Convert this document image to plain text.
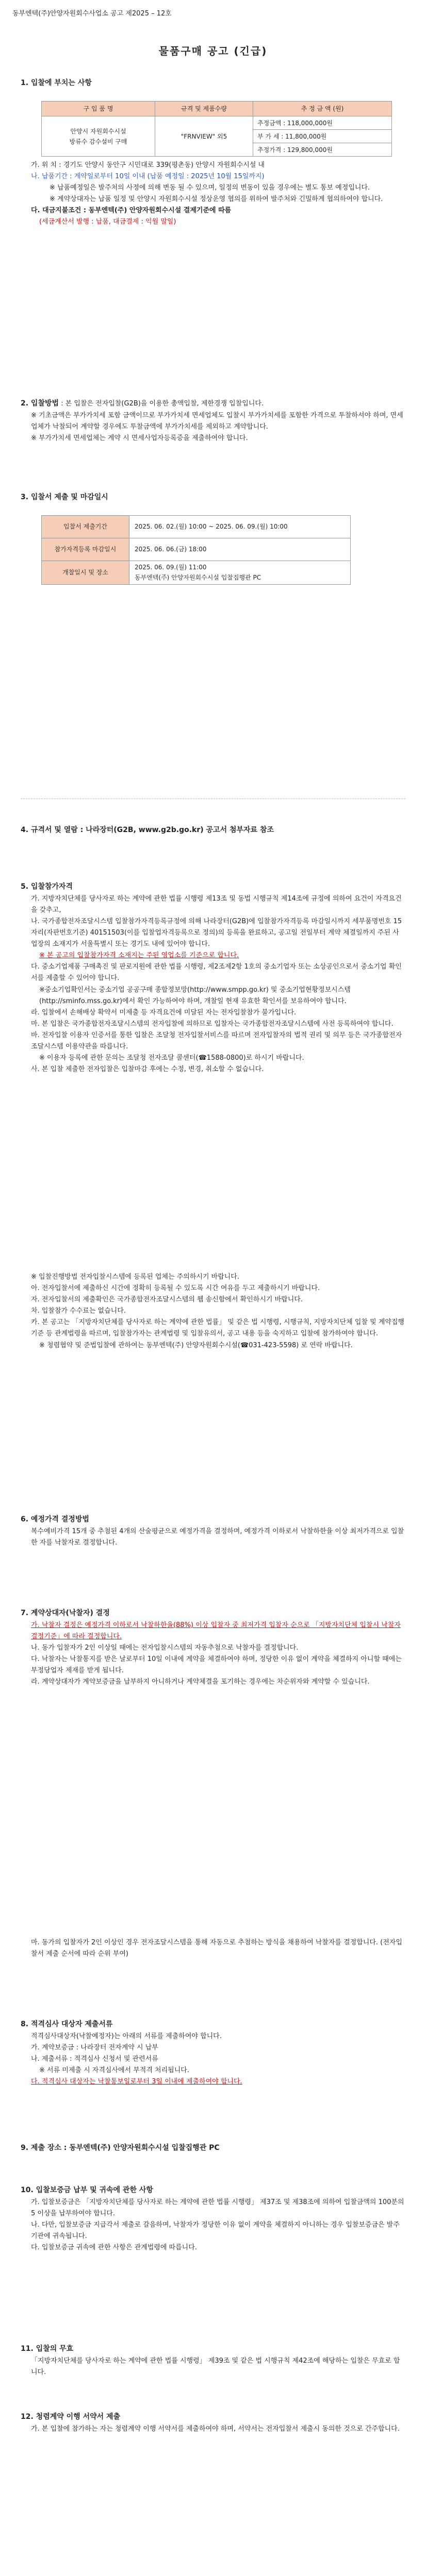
동부엔텍(주)안양자원회수사업소 공고 제2025 – 12호
물품구매 공고 (긴급)
1. 입찰에 부치는 사항
구 입 품 명	규격 및 제품수량	추 정 금 액 (원)

안양시 자원회수시설
방류수 감수설비 구매	"FRNVIEW" 외5	추정금액 : 118,000,000원
		부 가 세 : 11,800,000원
		추정가격 : 129,800,000원
가. 위 치 : 경기도 안양시 동안구 시민대로 339(평촌동) 안양시 자원회수시설 내
나. 납품기간 : 계약일로부터 10일 이내 (납품 예정일 : 2025년 10월 15일까지)
※ 납품예정일은 발주처의 사정에 의해 변동 될 수 있으며, 일정의 변동이 있을 경우에는 별도 통보 예정입니다.
※ 계약상대자는 납품 일정 및 안양시 자원회수시설 정상운영 협의를 위하여 발주처와 긴밀하게 협의하여야 합니다.
다. 대금지불조건 : 동부엔텍(주) 안양자원회수시설 결제기준에 따름
(세금계산서 발행 : 납품, 대금결제 : 익월 말일)
2. 입찰방법 : 본 입찰은 전자입찰(G2B)을 이용한 총액입찰, 제한경쟁 입찰입니다.
※ 기초금액은 부가가치세 포함 금액이므로 부가가치세 면세업체도 입찰시 부가가치세를 포함한 가격으로 투찰하셔야 하며, 면세업체가 낙찰되어 계약할 경우에도 투찰금액에 부가가치세를 제외하고 계약합니다.
※ 부가가치세 면세업체는 계약 시 면세사업자등록증을 제출하여야 합니다.
3. 입찰서 제출 및 마감일시
입찰서 제출기간	2025. 06. 02.(월) 10:00 ~ 2025. 06. 09.(월) 10:00
참가자격등록 마감일시	2025. 06. 06.(금) 18:00
개찰일시 및 장소	2025. 06. 09.(월) 11:00
동부엔텍(주) 안양자원회수시설 입찰집행관 PC
4. 규격서 및 열람 : 나라장터(G2B, www.g2b.go.kr) 공고서 첨부자료 참조
5. 입찰참가자격
가. 지방자치단체를 당사자로 하는 계약에 관한 법률 시행령 제13조 및 동법 시행규칙 제14조에 규정에 의하여 요건이 자격요건을 갖추고,
나. 국가종합전자조달시스템 입찰참가자격등록규정에 의해 나라장터(G2B)에 입찰참가자격등록 마감일시까지 세부품명번호 15자리(자판번호기준) 40151503(이를 입찰업자격등록으로 정의)의 등록을 완료하고, 공고일 전일부터 계약 체결일까지 주된 사업장의 소재지가 서울특별시 또는 경기도 내에 있어야 합니다.
※ 본 공고의 입찰참가자격 소재지는 주된 영업소를 기준으로 합니다.
다. 중소기업제품 구매촉진 및 판로지원에 관한 법률 시행령, 제2조제2항 1호의 중소기업자 또는 소상공인으로서 중소기업 확인서를 제출할 수 있어야 합니다.
※중소기업확인서는 중소기업 공공구매 종합정보망(http://www.smpp.go.kr) 및 중소기업현황정보시스템(http://sminfo.mss.go.kr)에서 확인 가능하여야 하며, 개찰일 현재 유효한 확인서를 보유하여야 합니다.
라. 입찰에서 손해배상 확약서 미제출 등 자격요건에 미달된 자는 전자입찰참가 불가입니다.
마. 본 입찰은 국가종합전자조달시스템의 전자입찰에 의하므로 입찰자는 국가종합전자조달시스템에 사전 등록하여야 합니다.
바. 전자입찰 이용자 인증서를 통한 입찰은 조달청 전자입찰서비스를 따르며 전자입찰자의 법적 권리 및 의무 등은 국가종합전자조달시스템 이용약관을 따릅니다.
※ 이용자 등록에 관한 문의는 조달청 전자조달 콜센터(☎1588-0800)로 하시기 바랍니다.
사. 본 입찰 제출한 전자입찰은 입찰마감 후에는 수정, 변경, 취소할 수 없습니다.
※ 입찰진행방법 전자입찰시스템에 등록된 업체는 주의하시기 바랍니다.
아. 전자입찰서에 제출하신 시간에 정확히 등록될 수 있도록 시간 여유를 두고 제출하시기 바랍니다.
자. 전자입찰서의 제출확인은 국가종합전자조달시스템의 웹 송신함에서 확인하시기 바랍니다.
차. 입찰참가 수수료는 없습니다.
카. 본 공고는 「지방자치단체를 당사자로 하는 계약에 관한 법률」 및 같은 법 시행령, 시행규칙, 지방자치단체 입찰 및 계약집행기준 등 관계법령을 따르며, 입찰참가자는 관계법령 및 입찰유의서, 공고 내용 등을 숙지하고 입찰에 참가하여야 합니다.
※ 청렴협약 및 준법입찰에 관하여는 동부엔텍(주) 안양자원회수시설(☎031-423-5598) 로 연락 바랍니다.
6. 예정가격 결정방법
복수예비가격 15개 중 추첨된 4개의 산술평균으로 예정가격을 결정하며, 예정가격 이하로서 낙찰하한율 이상 최저가격으로 입찰한 자를 낙찰자로 결정합니다.
7. 계약상대자(낙찰자) 결정
가. 낙찰자 결정은 예정가격 이하로서 낙찰하한율(88%) 이상 입찰자 중 최저가격 입찰자 순으로 「지방자치단체 입찰시 낙찰자 결정기준」에 따라 결정합니다.
나. 동가 입찰자가 2인 이상일 때에는 전자입찰시스템의 자동추첨으로 낙찰자를 결정합니다.
다. 낙찰자는 낙찰통지를 받은 날로부터 10일 이내에 계약을 체결하여야 하며, 정당한 이유 없이 계약을 체결하지 아니할 때에는 부정당업자 제재를 받게 됩니다.
라. 계약상대자가 계약보증금을 납부하지 아니하거나 계약체결을 포기하는 경우에는 차순위자와 계약할 수 있습니다.
마. 동가의 입찰자가 2인 이상인 경우 전자조달시스템을 통해 자동으로 추첨하는 방식을 채용하여 낙찰자를 결정합니다. (전자입찰서 제출 순서에 따라 순위 부여)
8. 적격심사 대상자 제출서류
적격심사대상자(낙찰예정자)는 아래의 서류를 제출하여야 합니다.
가. 계약보증금 : 나라장터 전자계약 시 납부
나. 제출서류 : 적격심사 신청서 및 관련서류
※ 서류 미제출 시 자격심사에서 부적격 처리됩니다.
다. 적격심사 대상자는 낙찰통보일로부터 3일 이내에 제출하여야 합니다.
9. 제출 장소 : 동부엔텍(주) 안양자원회수시설 입찰집행관 PC
10. 입찰보증금 납부 및 귀속에 관한 사항
가. 입찰보증금은 「지방자치단체를 당사자로 하는 계약에 관한 법률 시행령」 제37조 및 제38조에 의하여 입찰금액의 100분의 5 이상을 납부하여야 합니다.
나. 다만, 입찰보증금 지급각서 제출로 갈음하며, 낙찰자가 정당한 이유 없이 계약을 체결하지 아니하는 경우 입찰보증금은 발주기관에 귀속됩니다.
다. 입찰보증금 귀속에 관한 사항은 관계법령에 따릅니다.
11. 입찰의 무효
「지방자치단체를 당사자로 하는 계약에 관한 법률 시행령」 제39조 및 같은 법 시행규칙 제42조에 해당하는 입찰은 무효로 합니다.
12. 청렴계약 이행 서약서 제출
가. 본 입찰에 참가하는 자는 청렴계약 이행 서약서를 제출하여야 하며, 서약서는 전자입찰서 제출시 동의한 것으로 간주합니다.
